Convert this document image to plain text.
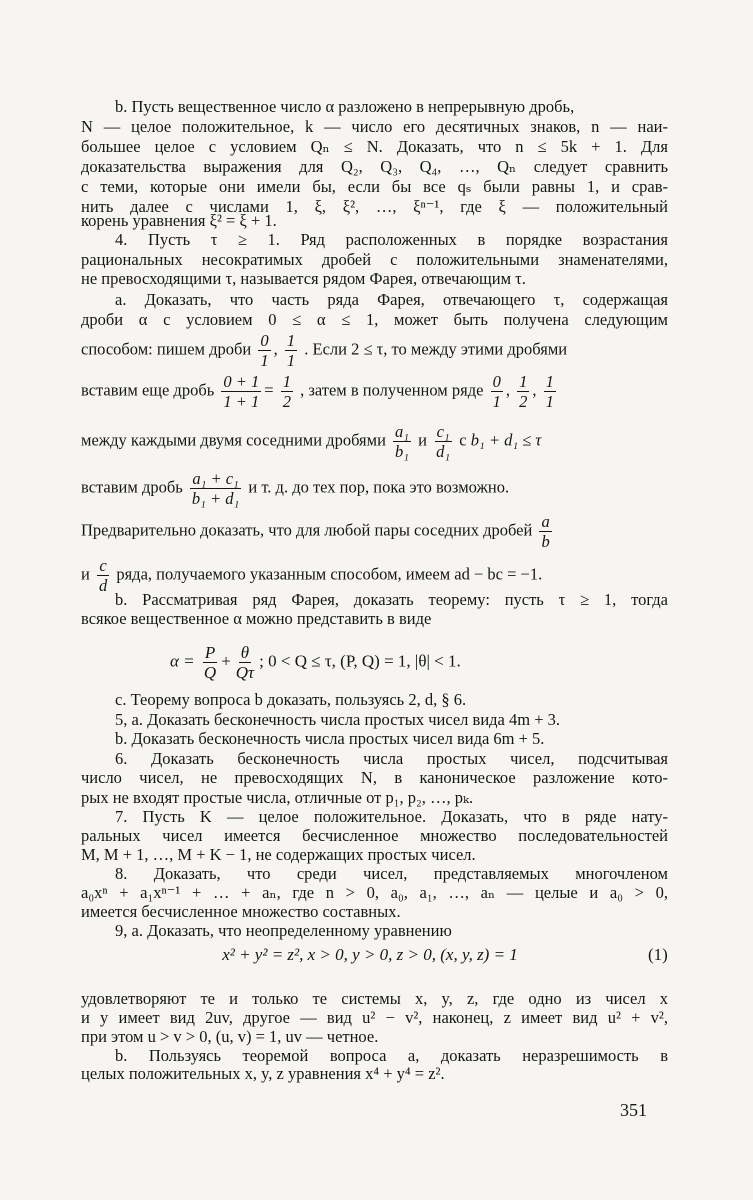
b. Пусть вещественное число α разложено в непрерывную дробь,
N — целое положительное, k — число его десятичных знаков, n — наи-
большее целое с условием Qₙ ≤ N. Доказать, что n ≤ 5k + 1. Для
доказательства выражения для Q₂, Q₃, Q₄, …, Qₙ следует сравнить
с теми, которые они имели бы, если бы все qₛ были равны 1, и срав-
нить далее с числами 1, ξ, ξ², …, ξⁿ⁻¹, где ξ — положительный
корень уравнения ξ² = ξ + 1.
4. Пусть τ ≥ 1. Ряд расположенных в порядке возрастания
рациональных несократимых дробей с положительными знаменателями,
не превосходящими τ, называется рядом Фарея, отвечающим τ.
a. Доказать, что часть ряда Фарея, отвечающего τ, содержащая
дроби α с условием 0 ≤ α ≤ 1, может быть получена следующим
способом: пишем дроби $\frac{0}{1}$ , $\frac{1}{1}$ . Если 2 ≤ τ, то между этими дробями
вставим еще дробь $\frac{0 + 1}{1 + 1} = \frac{1}{2}$ , затем в полученном ряде $\frac{0}{1}$ , $\frac{1}{2}$ , $\frac{1}{1}$
между каждыми двумя соседними дробями $\frac{\text{a₁}}{\text{b₁}}$ и $\frac{\text{c₁}}{\text{d₁}}$ с b₁ + d₁ ≤ τ
вставим дробь $\frac{\text{a₁ + c₁}}{\text{b₁ + d₁}}$ и т. д. до тех пор, пока это возможно.
Предварительно доказать, что для любой пары соседних дробей $\frac{a}{b}$
и $\frac{c}{d}$ ряда, получаемого указанным способом, имеем ad − bc = −1.
b. Рассматривая ряд Фарея, доказать теорему: пусть τ ≥ 1, тогда
всякое вещественное α можно представить в виде
$\alpha = \frac{P}{Q} + \frac{\theta}{Q\tau}$ ; 0 < Q ≤ τ, (P, Q) = 1, |θ| < 1.
c. Теорему вопроса b доказать, пользуясь 2, d, § 6.
5, a. Доказать бесконечность числа простых чисел вида 4m + 3.
b. Доказать бесконечность числа простых чисел вида 6m + 5.
6. Доказать бесконечность числа простых чисел, подсчитывая
число чисел, не превосходящих N, в каноническое разложение кото-
рых не входят простые числа, отличные от p₁, p₂, …, pₖ.
7. Пусть K — целое положительное. Доказать, что в ряде нату-
ральных чисел имеется бесчисленное множество последовательностей
M, M + 1, …, M + K − 1, не содержащих простых чисел.
8. Доказать, что среди чисел, представляемых многочленом
a₀xⁿ + a₁xⁿ⁻¹ + … + aₙ, где n > 0, a₀, a₁, …, aₙ — целые и a₀ > 0,
имеется бесчисленное множество составных.
9, a. Доказать, что неопределенному уравнению
x² + y² = z², x > 0, y > 0, z > 0, (x, y, z) = 1	(1)
удовлетворяют те и только те системы x, y, z, где одно из чисел x
и y имеет вид 2uv, другое — вид u² − v², наконец, z имеет вид u² + v²,
при этом u > v > 0, (u, v) = 1, uv — четное.
b. Пользуясь теоремой вопроса a, доказать неразрешимость в
целых положительных x, y, z уравнения x⁴ + y⁴ = z².
351
